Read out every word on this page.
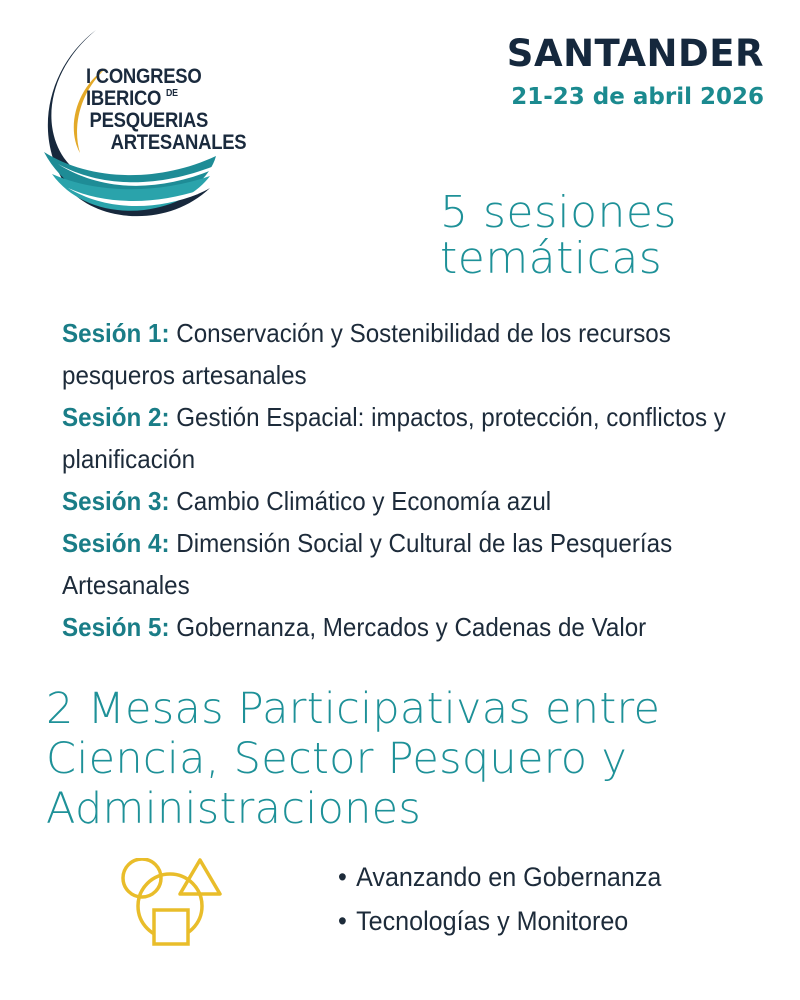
I CONGRESO
IBERICO $^{DE}$
PESQUERIAS
ARTESANALES
SANTANDER
21-23 de abril 2026
5 sesiones
temáticas
Sesión 1: Conservación y Sostenibilidad de los recursos pesqueros artesanales
Sesión 2: Gestión Espacial: impactos, protección, conflictos y planificación
Sesión 3: Cambio Climático y Economía azul
Sesión 4: Dimensión Social y Cultural de las Pesquerías Artesanales
Sesión 5: Gobernanza, Mercados y Cadenas de Valor
2 Mesas Participativas entre
Ciencia, Sector Pesquero y
Administraciones
• Avanzando en Gobernanza
• Tecnologías y Monitoreo
